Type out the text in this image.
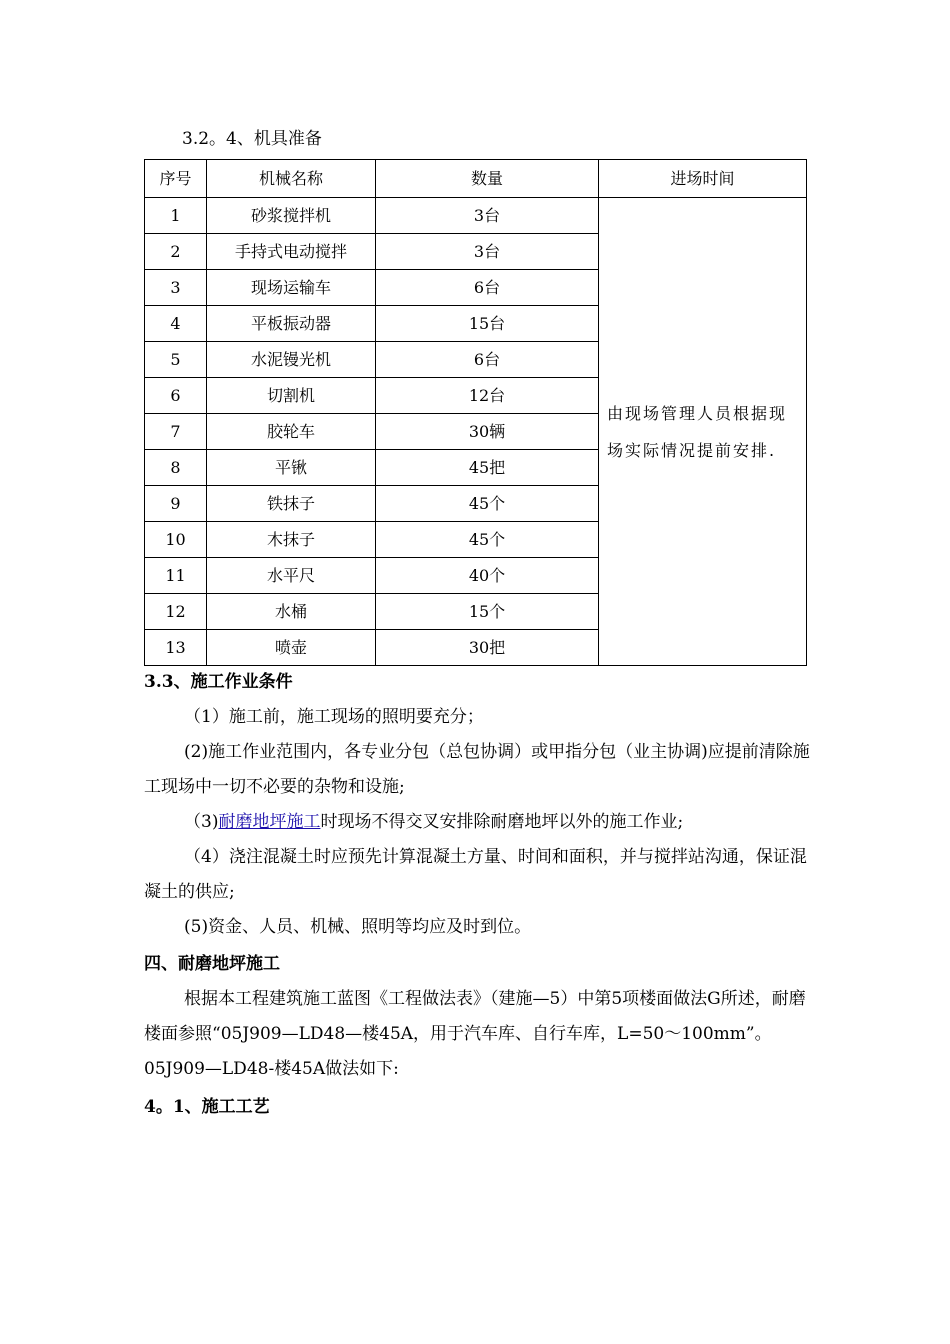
3.2。4、机具准备
序号	机械名称	数量	进场时间
1	砂浆搅拌机	3台	由现场管理人员根据现场实际情况提前安排.
2	手持式电动搅拌	3台	
3	现场运输车	6台	
4	平板振动器	15台	
5	水泥镘光机	6台	
6	切割机	12台	
7	胶轮车	30辆	
8	平锹	45把	
9	铁抹子	45个	
10	木抹子	45个	
11	水平尺	40个	
12	水桶	15个	
13	喷壶	30把	
3.3、施工作业条件
（1）施工前，施工现场的照明要充分；
(2)施工作业范围内，各专业分包（总包协调）或甲指分包（业主协调)应提前清除施工现场中一切不必要的杂物和设施;
（3)耐磨地坪施工时现场不得交叉安排除耐磨地坪以外的施工作业;
（4）浇注混凝土时应预先计算混凝土方量、时间和面积，并与搅拌站沟通，保证混凝土的供应;
(5)资金、人员、机械、照明等均应及时到位。
四、耐磨地坪施工
根据本工程建筑施工蓝图《工程做法表》（建施—5）中第5项楼面做法G所述，耐磨楼面参照“05J909—LD48—楼45A，用于汽车库、自行车库，L=50～100mm”。05J909—LD48-楼45A做法如下:
4。1、施工工艺
